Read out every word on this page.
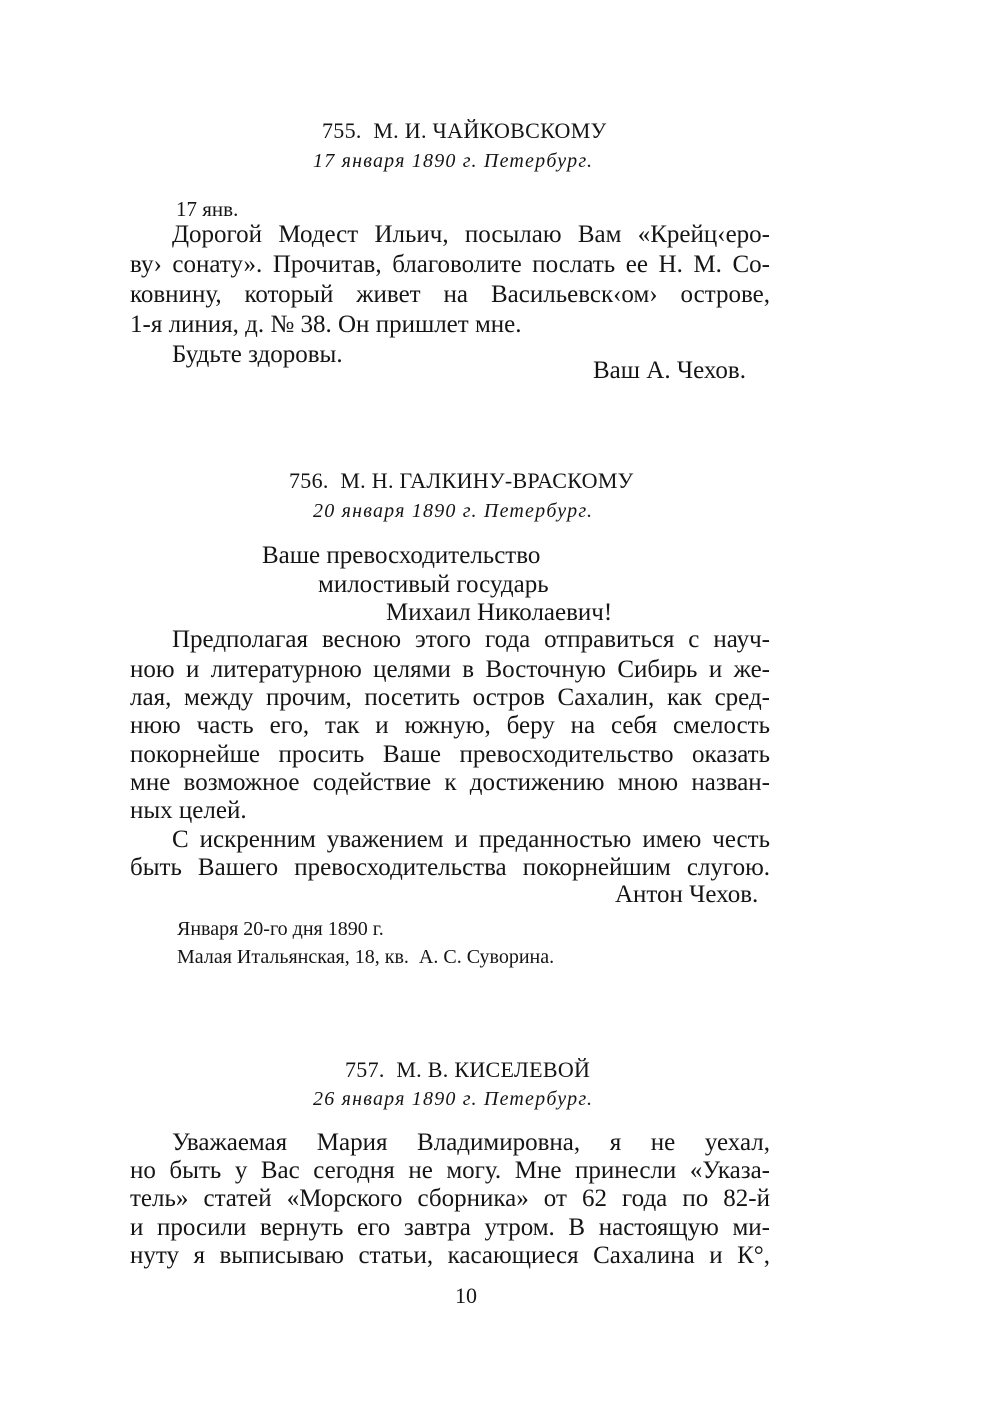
755. М. И. ЧАЙКОВСКОМУ
17 января 1890 г. Петербург.
17 янв.
Дорогой Модест Ильич, посылаю Вам «Крейц‹еро-
ву› сонату». Прочитав, благоволите послать ее Н. М. Со-
ковнину, который живет на Васильевск‹ом› острове,
1-я линия, д. № 38. Он пришлет мне.
Будьте здоровы.
Ваш А. Чехов.
756. М. Н. ГАЛКИНУ-ВРАСКОМУ
20 января 1890 г. Петербург.
Ваше превосходительство
милостивый государь
Михаил Николаевич!
Предполагая весною этого года отправиться с науч-
ною и литературною целями в Восточную Сибирь и же-
лая, между прочим, посетить остров Сахалин, как сред-
нюю часть его, так и южную, беру на себя смелость
покорнейше просить Ваше превосходительство оказать
мне возможное содействие к достижению мною назван-
ных целей.
С искренним уважением и преданностью имею честь
быть Вашего превосходительства покорнейшим слугою.
Антон Чехов.
Января 20-го дня 1890 г.
Малая Итальянская, 18, кв.  А. С. Суворина.
757. М. В. КИСЕЛЕВОЙ
26 января 1890 г. Петербург.
Уважаемая Мария Владимировна, я не уехал,
но быть у Вас сегодня не могу. Мне принесли «Указа-
тель» статей «Морского сборника» от 62 года по 82-й
и просили вернуть его завтра утром. В настоящую ми-
нуту я выписываю статьи, касающиеся Сахалина и К°,
10
